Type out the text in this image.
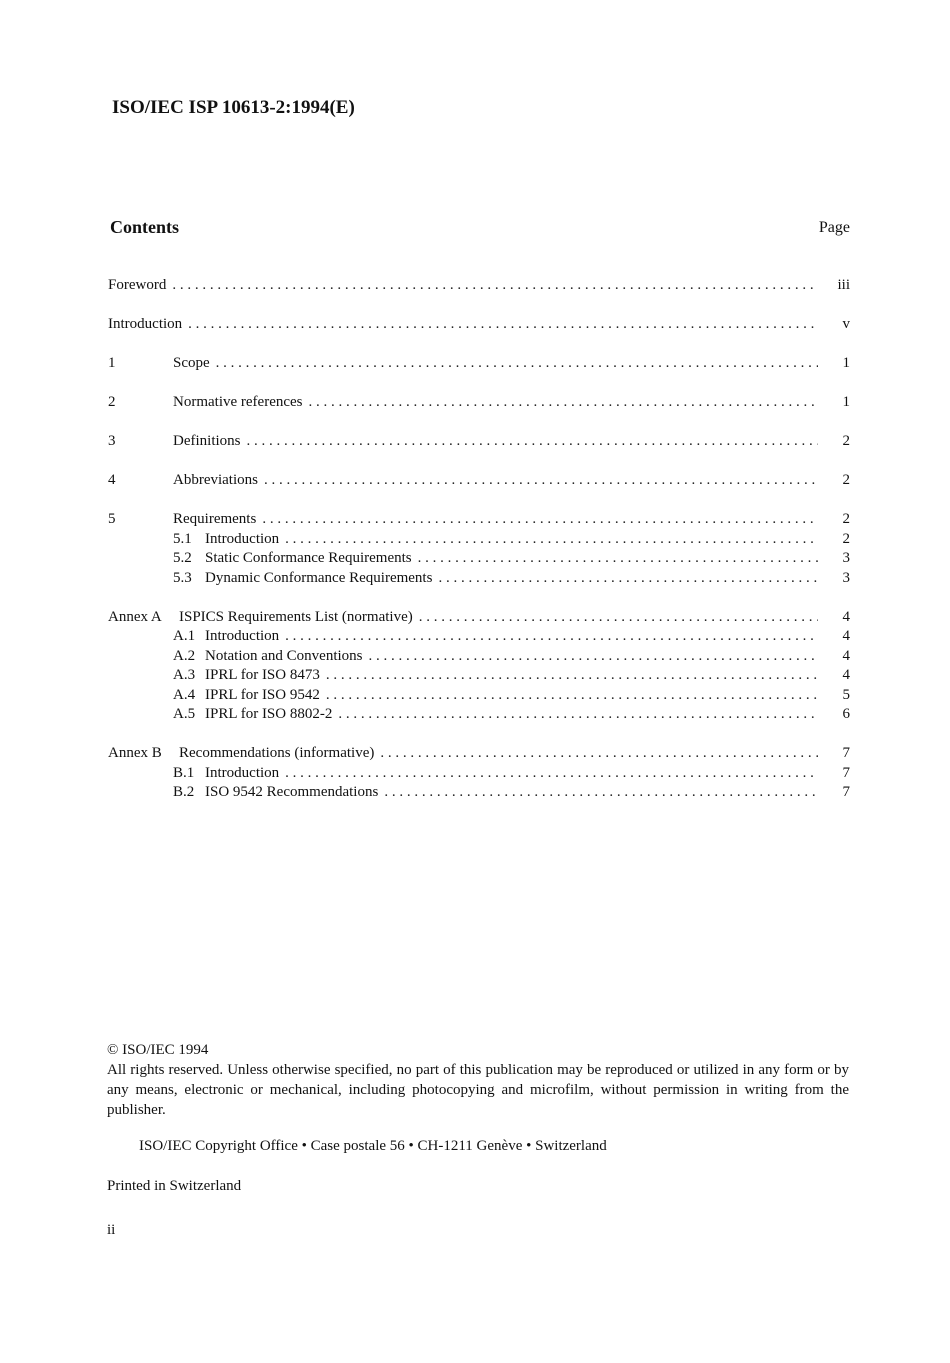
ISO/IEC ISP 10613-2:1994(E)
Contents	Page
Foreword . . .	iii
Introduction . . .	v
1	Scope . . .	1
2	Normative references . . .	1
3	Definitions . . .	2
4	Abbreviations . . .	2
5	Requirements . . .	2
5.1 Introduction . . .	2
5.2 Static Conformance Requirements . . .	3
5.3 Dynamic Conformance Requirements . . .	3
Annex A	ISPICS Requirements List (normative) . . .	4
A.1 Introduction . . .	4
A.2 Notation and Conventions . . .	4
A.3 IPRL for ISO 8473 . . .	4
A.4 IPRL for ISO 9542 . . .	5
A.5 IPRL for ISO 8802-2 . . .	6
Annex B	Recommendations (informative) . . .	7
B.1 Introduction . . .	7
B.2 ISO 9542 Recommendations . . .	7

© ISO/IEC 1994

All rights reserved. Unless otherwise specified, no part of this publication may be reproduced or utilized in any form or by any means, electronic or mechanical, including photocopying and microfilm, without permission in writing from the publisher.

ISO/IEC Copyright Office • Case postale 56 • CH-1211 Genève • Switzerland
Printed in Switzerland
ii
